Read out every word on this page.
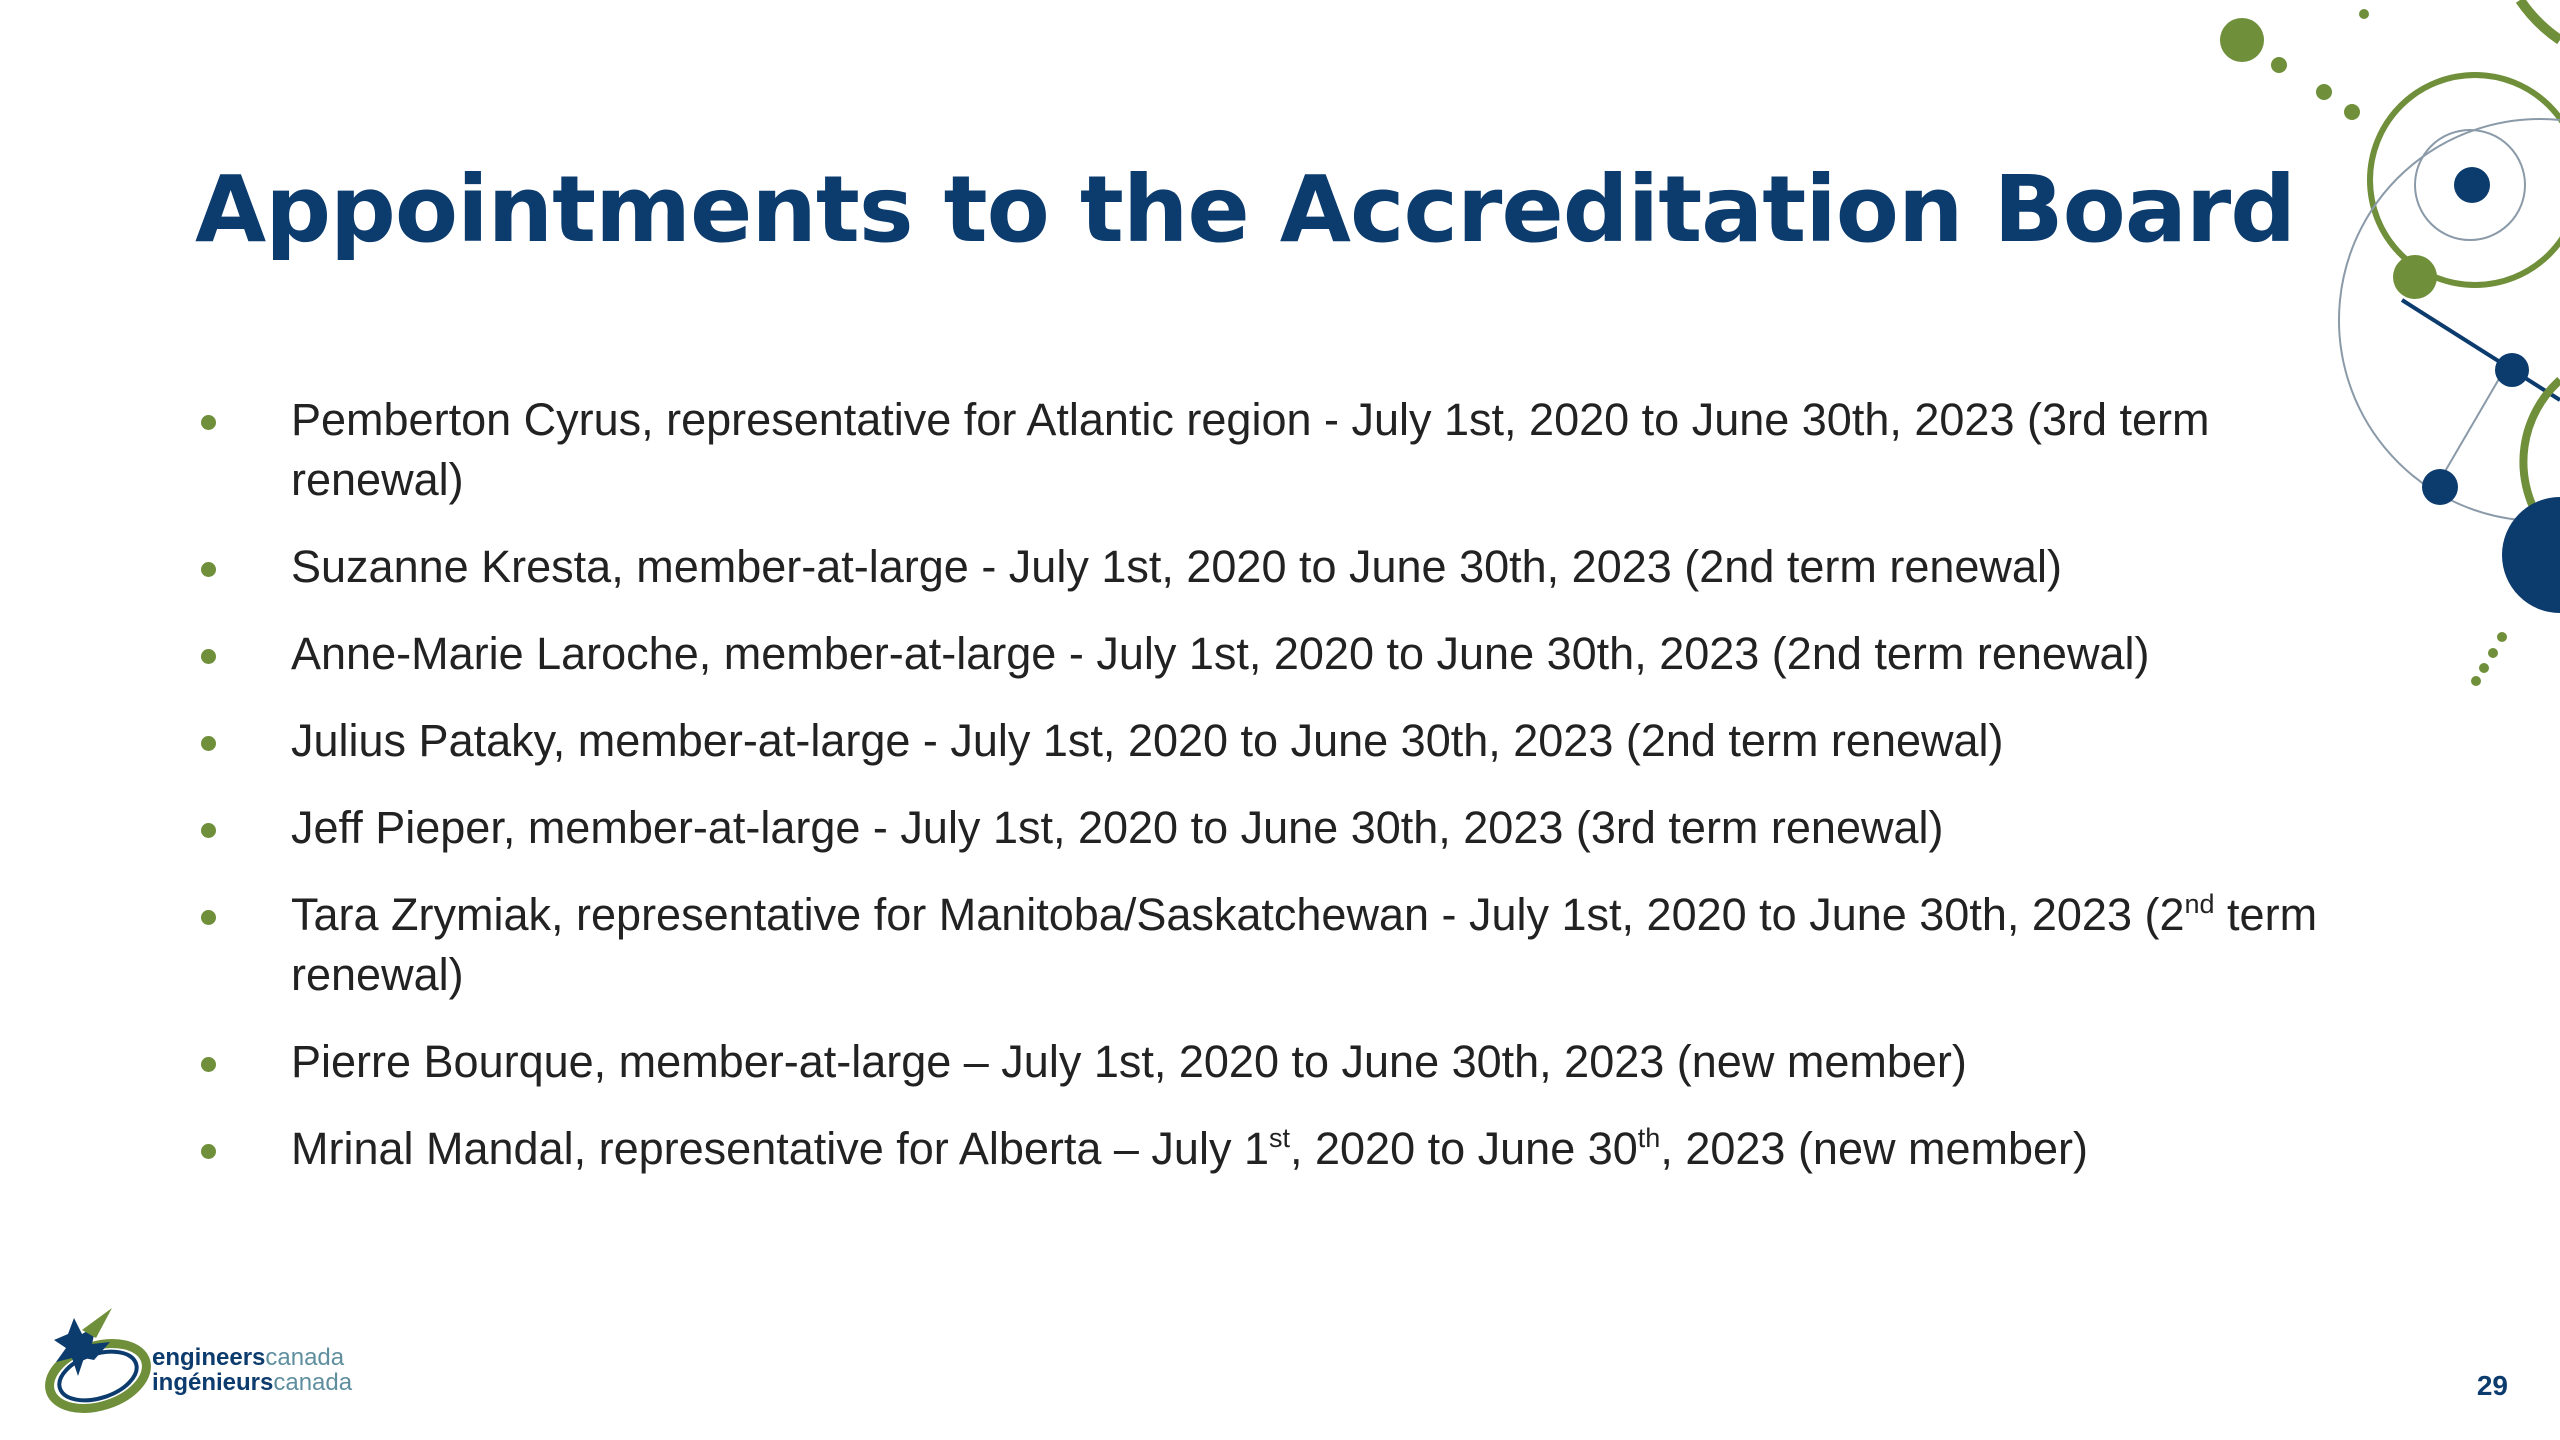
Appointments to the Accreditation Board
Pemberton Cyrus, representative for Atlantic region - July 1st, 2020 to June 30th, 2023 (3rd term renewal)
Suzanne Kresta, member-at-large - July 1st, 2020 to June 30th, 2023 (2nd term renewal)
Anne-Marie Laroche, member-at-large - July 1st, 2020 to June 30th, 2023 (2nd term renewal)
Julius Pataky, member-at-large - July 1st, 2020 to June 30th, 2023 (2nd term renewal)
Jeff Pieper, member-at-large - July 1st, 2020 to June 30th, 2023 (3rd term renewal)
Tara Zrymiak, representative for Manitoba/Saskatchewan - July 1st, 2020 to June 30th, 2023 (2nd term renewal)
Pierre Bourque, member-at-large – July 1st, 2020 to June 30th, 2023 (new member)
Mrinal Mandal, representative for Alberta – July 1st, 2020 to June 30th, 2023 (new member)
engineerscanada
ingénieurscanada	29
